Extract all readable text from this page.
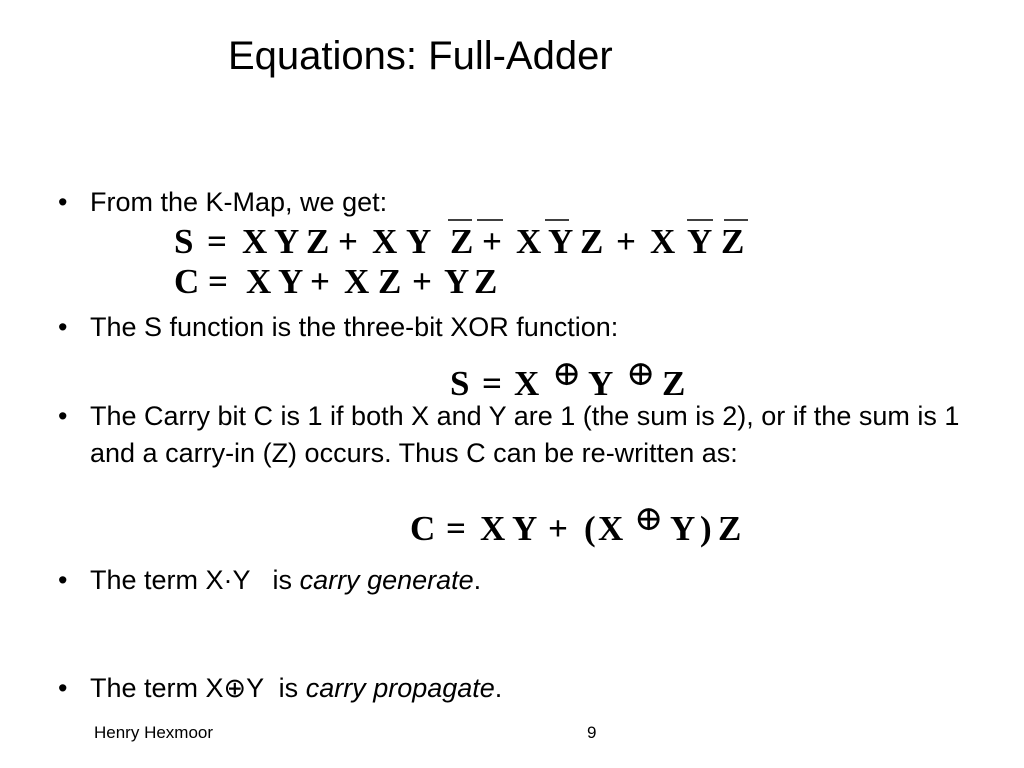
Equations: Full-Adder
• From the K-Map, we get:
S = X Y Z + X Y Z + X Y Z + X Y Z
C = X Y + X Z + Y Z
• The S function is the three-bit XOR function:
S = X ⊕ Y ⊕ Z
• The Carry bit C is 1 if both X and Y are 1 (the sum is 2), or if the sum is 1 and a carry-in (Z) occurs. Thus C can be re-written as:
C = X Y + ( X ⊕ Y ) Z
• The term X·Y   is carry generate.
• The term X⊕Y  is carry propagate.
Henry Hexmoor	9
